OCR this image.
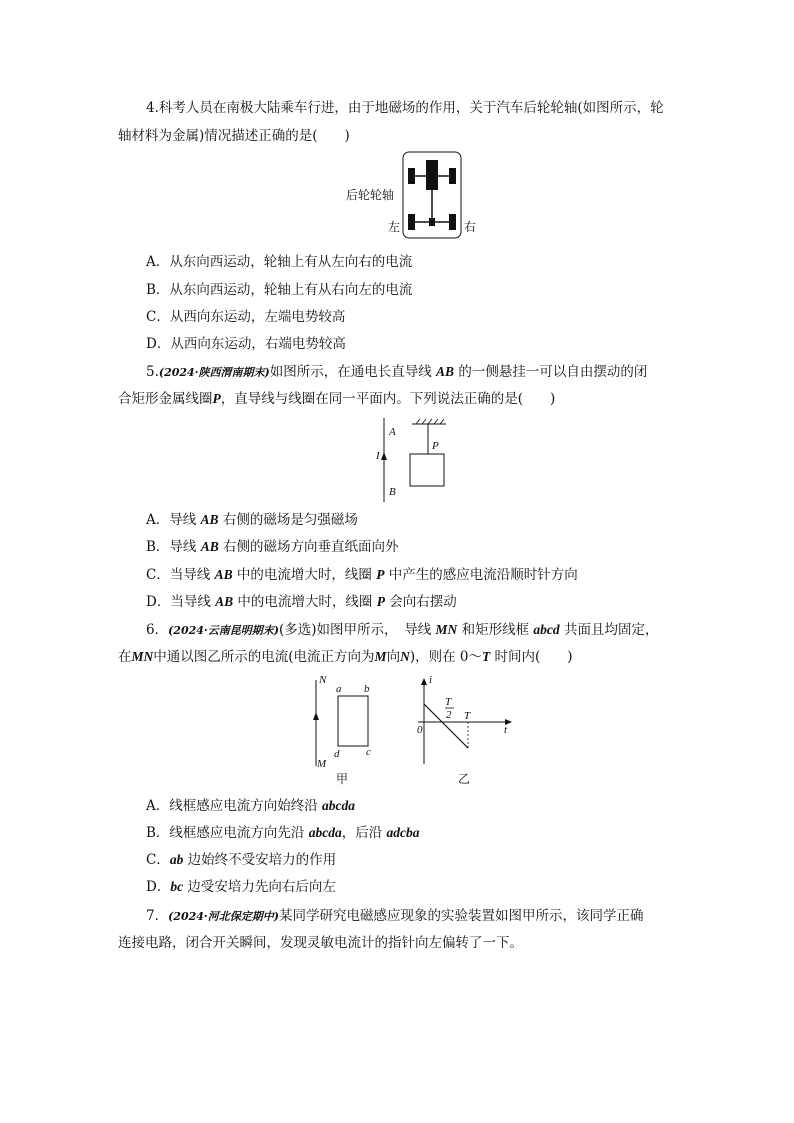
4.科考人员在南极大陆乘车行进，由于地磁场的作用，关于汽车后轮轮轴(如图所示，轮
轴材料为金属)情况描述正确的是(　　)
后轮轮轴
左	右
A．从东向西运动，轮轴上有从左向右的电流
B．从东向西运动，轮轴上有从右向左的电流
C．从西向东运动，左端电势较高
D．从西向东运动，右端电势较高
5.(2024·陕西渭南期末)如图所示，在通电长直导线 AB 的一侧悬挂一可以自由摆动的闭
合矩形金属线圈P，直导线与线圈在同一平面内。下列说法正确的是(　　)
A
I
B
P
A．导线 AB 右侧的磁场是匀强磁场
B．导线 AB 右侧的磁场方向垂直纸面向外
C．当导线 AB 中的电流增大时，线圈 P 中产生的感应电流沿顺时针方向
D．当导线 AB 中的电流增大时，线圈 P 会向右摆动
6．(2024·云南昆明期末)(多选)如图甲所示，　导线 MN 和矩形线框 abcd 共面且均固定，
在MN中通以图乙所示的电流(电流正方向为M向N)，则在 0～T 时间内(　　)
N
M
a b
c
d
甲
i
T
2 T
0	t
乙
A．线框感应电流方向始终沿 abcda
B．线框感应电流方向先沿 abcda，后沿 adcba
C．ab 边始终不受安培力的作用
D．bc 边受安培力先向右后向左
7．(2024·河北保定期中)某同学研究电磁感应现象的实验装置如图甲所示，该同学正确
连接电路，闭合开关瞬间，发现灵敏电流计的指针向左偏转了一下。
